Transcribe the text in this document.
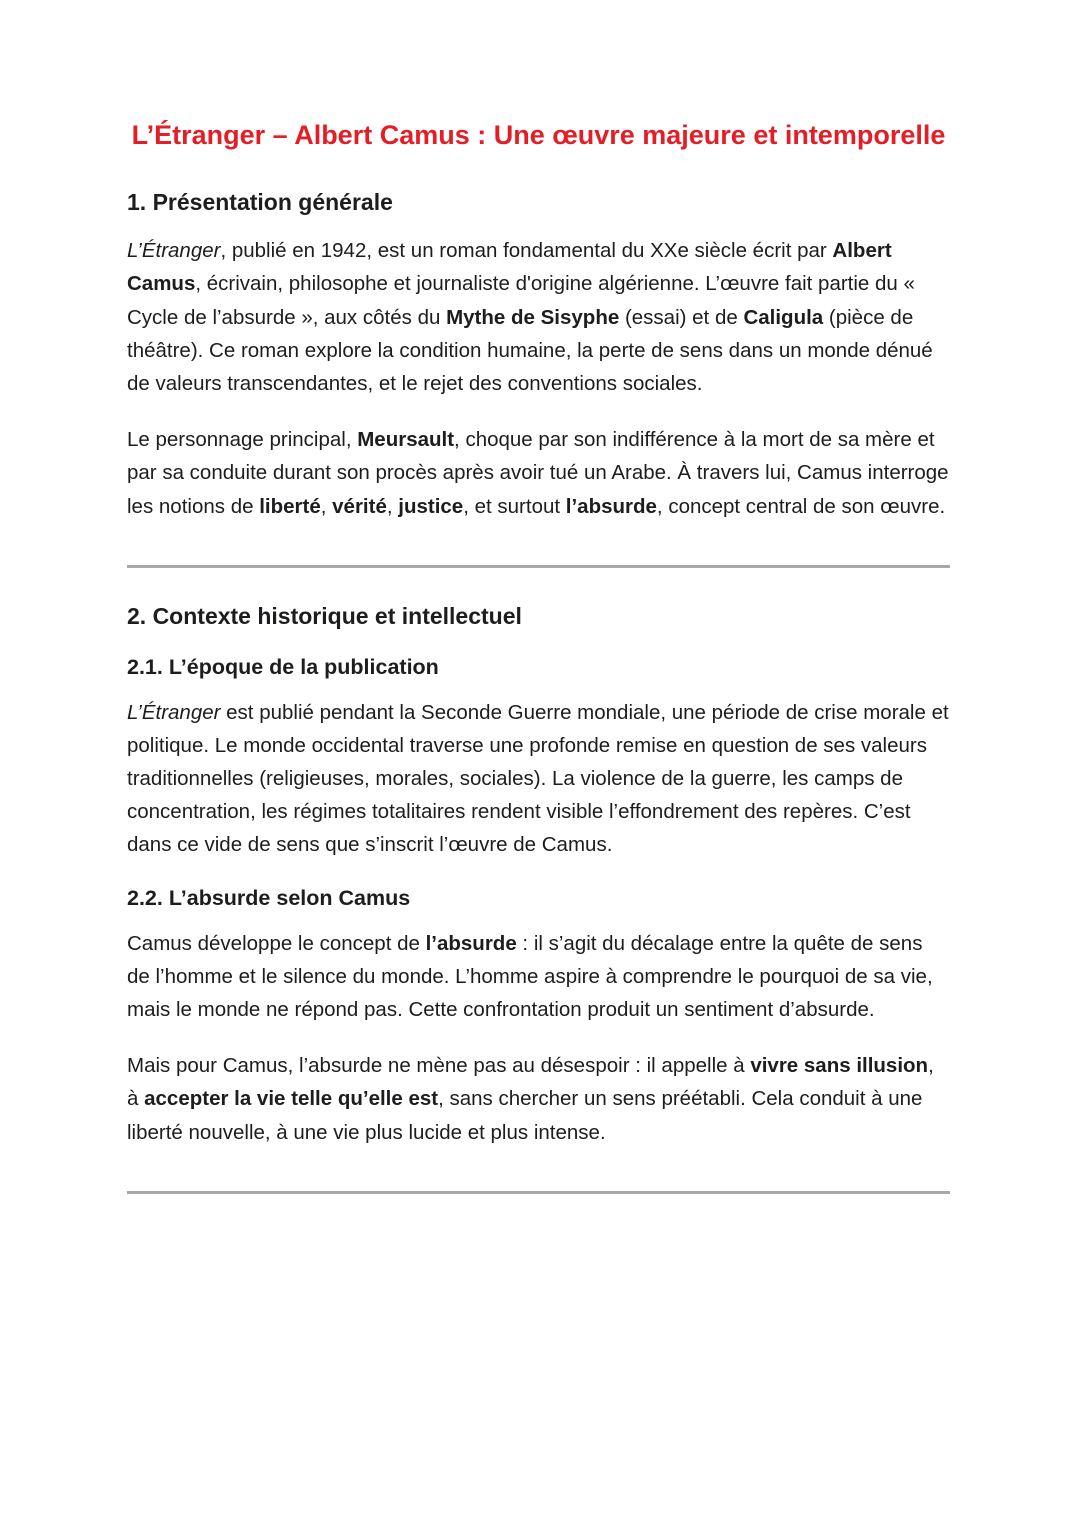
L’Étranger – Albert Camus : Une œuvre majeure et intemporelle
1. Présentation générale

L’Étranger, publié en 1942, est un roman fondamental du XXe siècle écrit par Albert Camus, écrivain, philosophe et journaliste d'origine algérienne. L’œuvre fait partie du « Cycle de l’absurde », aux côtés du Mythe de Sisyphe (essai) et de Caligula (pièce de théâtre). Ce roman explore la condition humaine, la perte de sens dans un monde dénué de valeurs transcendantes, et le rejet des conventions sociales.

Le personnage principal, Meursault, choque par son indifférence à la mort de sa mère et par sa conduite durant son procès après avoir tué un Arabe. À travers lui, Camus interroge les notions de liberté, vérité, justice, et surtout l’absurde, concept central de son œuvre.

2. Contexte historique et intellectuel
2.1. L’époque de la publication

L’Étranger est publié pendant la Seconde Guerre mondiale, une période de crise morale et politique. Le monde occidental traverse une profonde remise en question de ses valeurs traditionnelles (religieuses, morales, sociales). La violence de la guerre, les camps de concentration, les régimes totalitaires rendent visible l’effondrement des repères. C’est dans ce vide de sens que s’inscrit l’œuvre de Camus.

2.2. L’absurde selon Camus

Camus développe le concept de l’absurde : il s’agit du décalage entre la quête de sens de l’homme et le silence du monde. L’homme aspire à comprendre le pourquoi de sa vie, mais le monde ne répond pas. Cette confrontation produit un sentiment d’absurde.

Mais pour Camus, l’absurde ne mène pas au désespoir : il appelle à vivre sans illusion, à accepter la vie telle qu’elle est, sans chercher un sens préétabli. Cela conduit à une liberté nouvelle, à une vie plus lucide et plus intense.
